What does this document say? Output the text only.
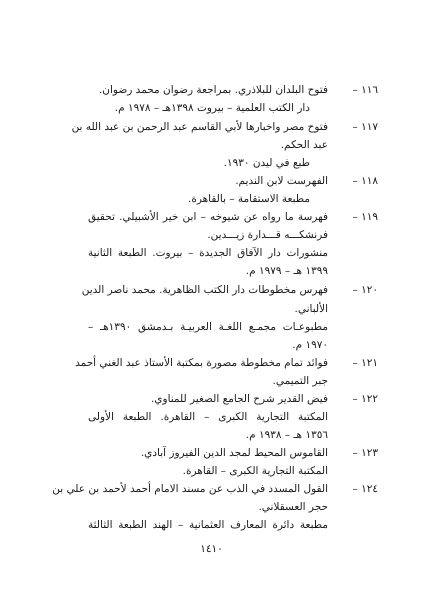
١١٦ –
فتوح البلدان للبلاذري. بمراجعة رضوان محمد رضوان.
دار الكتب العلمية – بيروت ١٣٩٨هـ – ١٩٧٨ م.
١١٧ –
فتوح مصر واخبارها لأبي القاسم عبد الرحمن بن عبد الله بن
عبد الحكم.
طبع في ليدن ١٩٣٠.
١١٨ –
الفهرست لابن النديم.
مطبعة الاستقامة – بالقاهرة.
١١٩ –
فهرسة ما رواه عن شيوخه – ابن خير الأشبيلي. تحقيق
فرنشكـــه قـــدارة زيـــدين.
منشورات دار الآفاق الجديدة – بيروت. الطبعة الثانية
١٣٩٩ هـ – ١٩٧٩ م.
١٢٠ –
فهرس مخطوطات دار الكتب الظاهرية. محمد ناصر الدين
الألباني.
مطبوعـات مجمـع اللغـة العربيـة بـدمشق ١٣٩٠هـ –
١٩٧٠ م.
١٢١ –
فوائد تمام مخطوطة مصورة بمكتبة الأستاذ عبد الغني أحمد
جبر التميمي.
١٢٢ –
فيض القدير شرح الجامع الصغير للمناوي.
المكتبة التجارية الكبرى – القاهرة. الطبعة الأولى
١٣٥٦ هـ – ١٩٣٨ م.
١٢٣ –
القاموس المحيط لمجد الدين الفيروز آبادي.
المكتبة التجارية الكبرى – القاهرة.
١٢٤ –
القول المسدد في الذب عن مسند الامام أحمد لأحمد بن علي بن
حجر العسقلاني.
مطبعة دائرة المعارف العثمانية – الهند الطبعة الثالثة
١٤١٠
